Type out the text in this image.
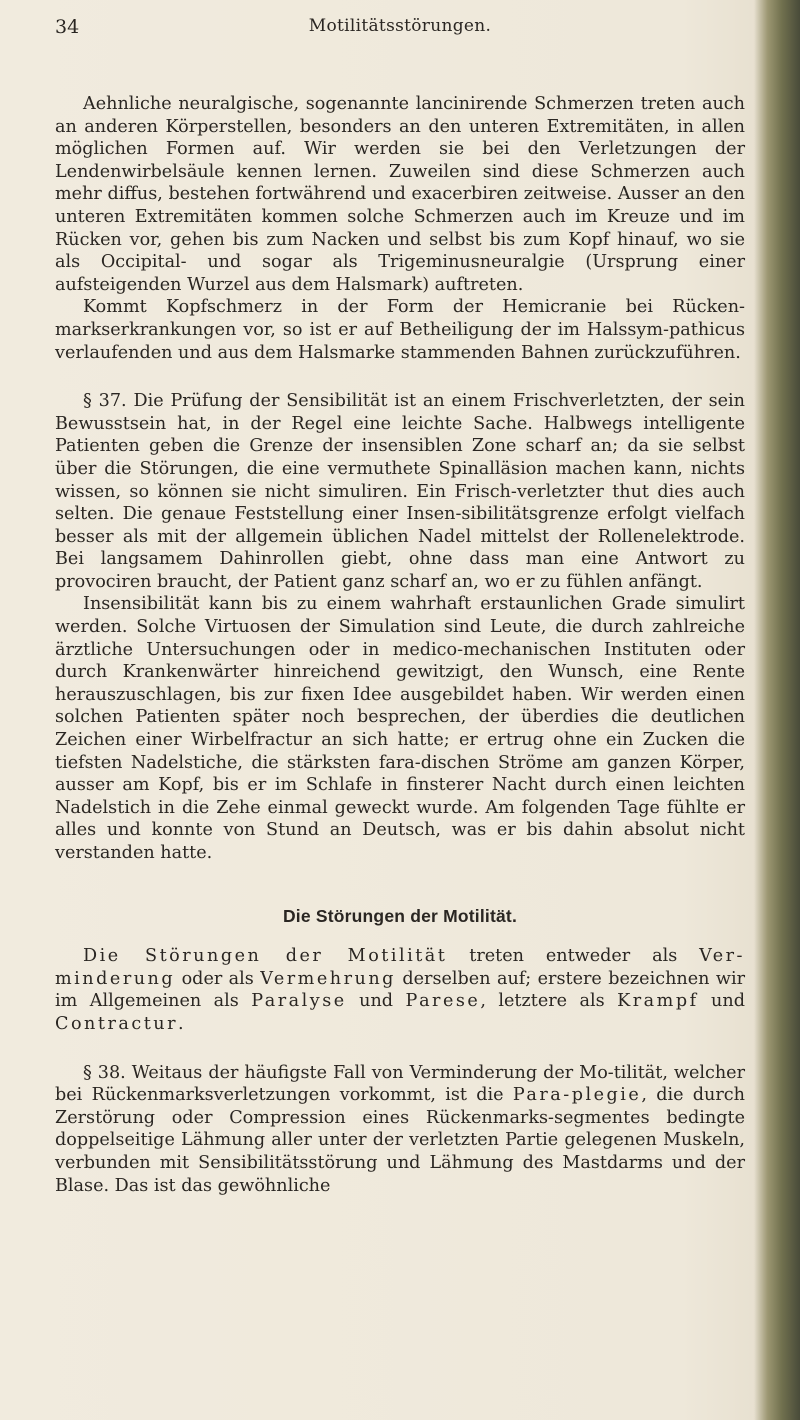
34	Motilitätsstörungen.

Aehnliche neuralgische, sogenannte lancinirende Schmerzen treten auch an anderen Körperstellen, besonders an den unteren Extremitäten, in allen möglichen Formen auf. Wir werden sie bei den Verletzungen der Lendenwirbelsäule kennen lernen. Zuweilen sind diese Schmerzen auch mehr diffus, bestehen fortwährend und exacerbiren zeitweise. Ausser an den unteren Extremitäten kommen solche Schmerzen auch im Kreuze und im Rücken vor, gehen bis zum Nacken und selbst bis zum Kopf hinauf, wo sie als Occipital- und sogar als Trigeminusneuralgie (Ursprung einer aufsteigenden Wurzel aus dem Halsmark) auftreten.

Kommt Kopfschmerz in der Form der Hemicranie bei Rücken-markserkrankungen vor, so ist er auf Betheiligung der im Halssym-pathicus verlaufenden und aus dem Halsmarke stammenden Bahnen zurückzuführen.

§ 37. Die Prüfung der Sensibilität ist an einem Frischverletzten, der sein Bewusstsein hat, in der Regel eine leichte Sache. Halbwegs intelligente Patienten geben die Grenze der insensiblen Zone scharf an; da sie selbst über die Störungen, die eine vermuthete Spinalläsion machen kann, nichts wissen, so können sie nicht simuliren. Ein Frisch-verletzter thut dies auch selten. Die genaue Feststellung einer Insen-sibilitätsgrenze erfolgt vielfach besser als mit der allgemein üblichen Nadel mittelst der Rollenelektrode. Bei langsamem Dahinrollen giebt, ohne dass man eine Antwort zu provociren braucht, der Patient ganz scharf an, wo er zu fühlen anfängt.

Insensibilität kann bis zu einem wahrhaft erstaunlichen Grade simulirt werden. Solche Virtuosen der Simulation sind Leute, die durch zahlreiche ärztliche Untersuchungen oder in medico-mechanischen Instituten oder durch Krankenwärter hinreichend gewitzigt, den Wunsch, eine Rente herauszuschlagen, bis zur fixen Idee ausgebildet haben. Wir werden einen solchen Patienten später noch besprechen, der überdies die deutlichen Zeichen einer Wirbelfractur an sich hatte; er ertrug ohne ein Zucken die tiefsten Nadelstiche, die stärksten fara-dischen Ströme am ganzen Körper, ausser am Kopf, bis er im Schlafe in finsterer Nacht durch einen leichten Nadelstich in die Zehe einmal geweckt wurde. Am folgenden Tage fühlte er alles und konnte von Stund an Deutsch, was er bis dahin absolut nicht verstanden hatte.

Die Störungen der Motilität.

Die Störungen der Motilität treten entweder als Ver-minderung oder als Vermehrung derselben auf; erstere bezeichnen wir im Allgemeinen als Paralyse und Parese, letztere als Krampf und Contractur.

§ 38. Weitaus der häufigste Fall von Verminderung der Mo-tilität, welcher bei Rückenmarksverletzungen vorkommt, ist die Para-plegie, die durch Zerstörung oder Compression eines Rückenmarks-segmentes bedingte doppelseitige Lähmung aller unter der verletzten Partie gelegenen Muskeln, verbunden mit Sensibilitätsstörung und Lähmung des Mastdarms und der Blase. Das ist das gewöhnliche
